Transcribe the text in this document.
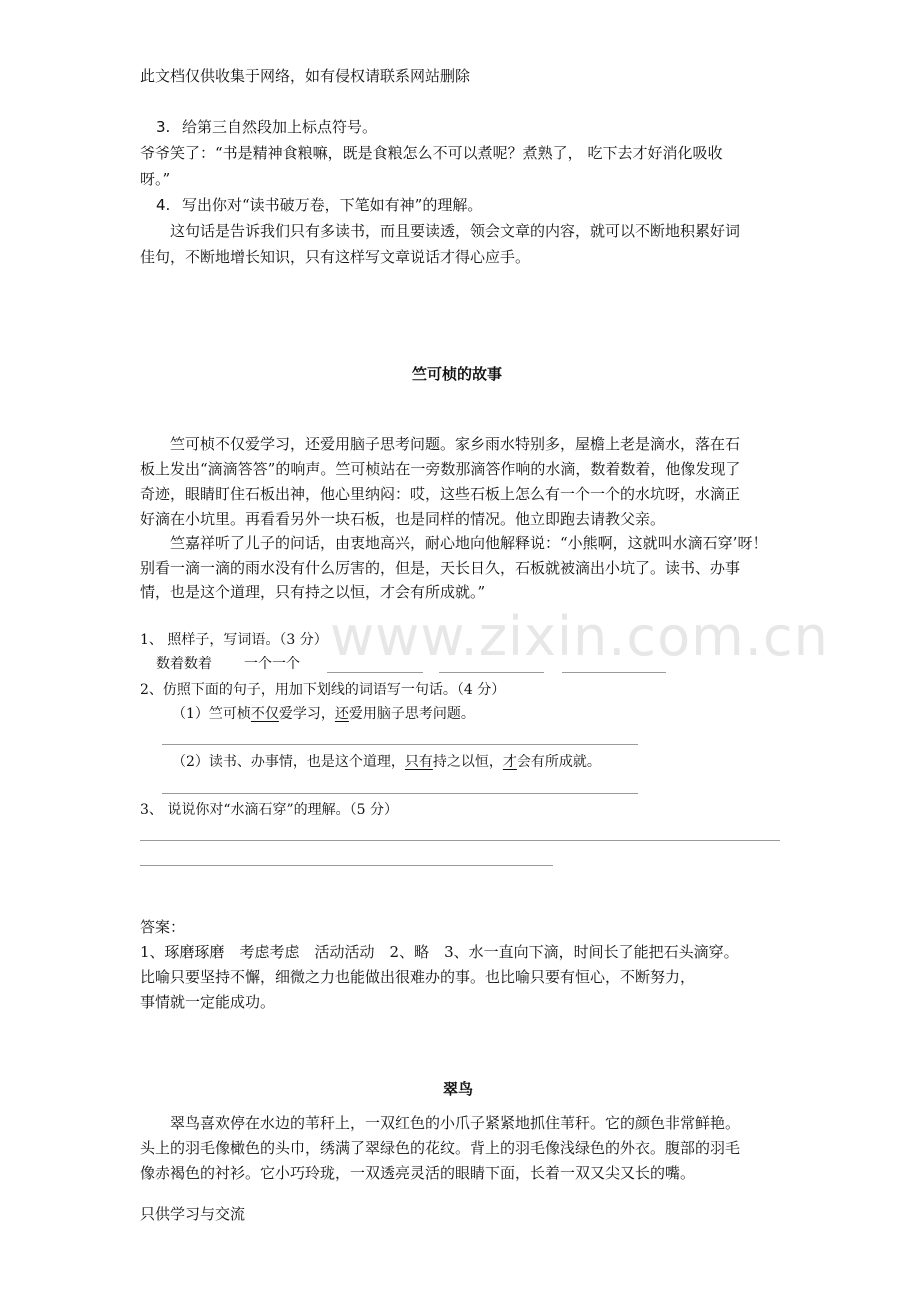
此文档仅供收集于网络，如有侵权请联系网站删除
3. 给第三自然段加上标点符号。
爷爷笑了：“书是精神食粮嘛，既是食粮怎么不可以煮呢？煮熟了， 吃下去才好消化吸收
呀。”
4. 写出你对“读书破万卷，下笔如有神”的理解。
这句话是告诉我们只有多读书，而且要读透，领会文章的内容，就可以不断地积累好词
佳句，不断地增长知识，只有这样写文章说话才得心应手。
竺可桢的故事
竺可桢不仅爱学习，还爱用脑子思考问题。家乡雨水特别多，屋檐上老是滴水，落在石
板上发出“滴滴答答”的响声。竺可桢站在一旁数那滴答作响的水滴，数着数着，他像发现了
奇迹，眼睛盯住石板出神，他心里纳闷：哎，这些石板上怎么有一个一个的水坑呀，水滴正
好滴在小坑里。再看看另外一块石板，也是同样的情况。他立即跑去请教父亲。
竺嘉祥听了儿子的问话，由衷地高兴，耐心地向他解释说：“小熊啊，这就叫水滴石穿’呀！
别看一滴一滴的雨水没有什么厉害的，但是，天长日久，石板就被滴出小坑了。读书、办事
情，也是这个道理，只有持之以恒，才会有所成就。”
1、 照样子，写词语。（3 分）
数着数着 一个一个
2、仿照下面的句子，用加下划线的词语写一句话。（4 分）
（1）竺可桢不仅爱学习，还爱用脑子思考问题。
（2）读书、办事情，也是这个道理，只有持之以恒，才会有所成就。
3、 说说你对“水滴石穿”的理解。（5 分）
答案：
1、琢磨琢磨　考虑考虑　活动活动　2、略　3、水一直向下滴，时间长了能把石头滴穿。
比喻只要坚持不懈，细微之力也能做出很难办的事。也比喻只要有恒心，不断努力，
事情就一定能成功。
翠鸟
翠鸟喜欢停在水边的苇秆上，一双红色的小爪子紧紧地抓住苇秆。它的颜色非常鲜艳。
头上的羽毛像橄色的头巾，绣满了翠绿色的花纹。背上的羽毛像浅绿色的外衣。腹部的羽毛
像赤褐色的衬衫。它小巧玲珑，一双透亮灵活的眼睛下面，长着一双又尖又长的嘴。
只供学习与交流
www.zixin.com.cn
